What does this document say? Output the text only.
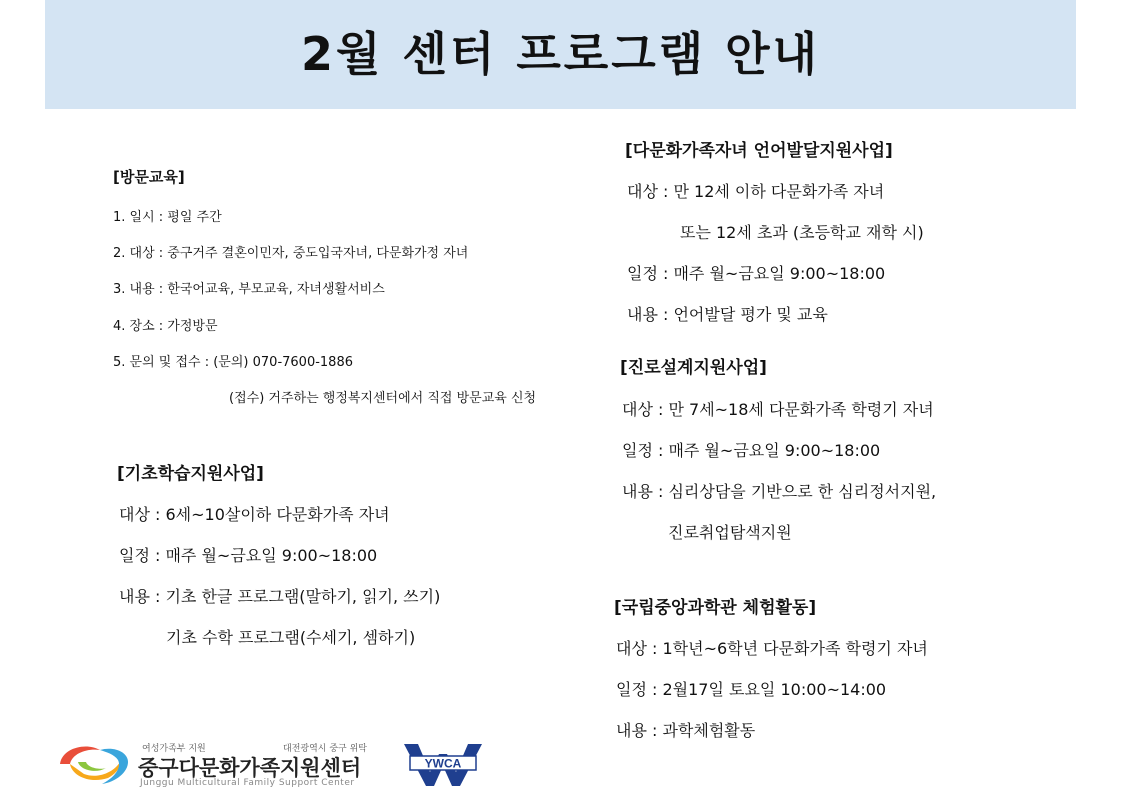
2월 센터 프로그램 안내
[방문교육]
1. 일시 : 평일 주간
2. 대상 : 중구거주 결혼이민자, 중도입국자녀, 다문화가정 자녀
3. 내용 : 한국어교육, 부모교육, 자녀생활서비스
4. 장소 : 가정방문
5. 문의 및 접수 : (문의) 070-7600-1886
(접수) 거주하는 행정복지센터에서 직접 방문교육 신청
[기초학습지원사업]
대상 : 6세~10살이하 다문화가족 자녀
일정 : 매주 월~금요일 9:00~18:00
내용 : 기초 한글 프로그램(말하기, 읽기, 쓰기)
기초 수학 프로그램(수세기, 셈하기)
[다문화가족자녀 언어발달지원사업]
대상 : 만 12세 이하 다문화가족 자녀
또는 12세 초과 (초등학교 재학 시)
일정 : 매주 월~금요일 9:00~18:00
내용 : 언어발달 평가 및 교육
[진로설계지원사업]
대상 : 만 7세~18세 다문화가족 학령기 자녀
일정 : 매주 월~금요일 9:00~18:00
내용 : 심리상담을 기반으로 한 심리정서지원,
진로취업탐색지원
[국립중앙과학관 체험활동]
대상 : 1학년~6학년 다문화가족 학령기 자녀
일정 : 2월17일 토요일 10:00~14:00
내용 : 과학체험활동
여성가족부 지원	대전광역시 중구 위탁
중구다문화가족지원센터
Junggu Multicultural Family Support Center
YWCA
